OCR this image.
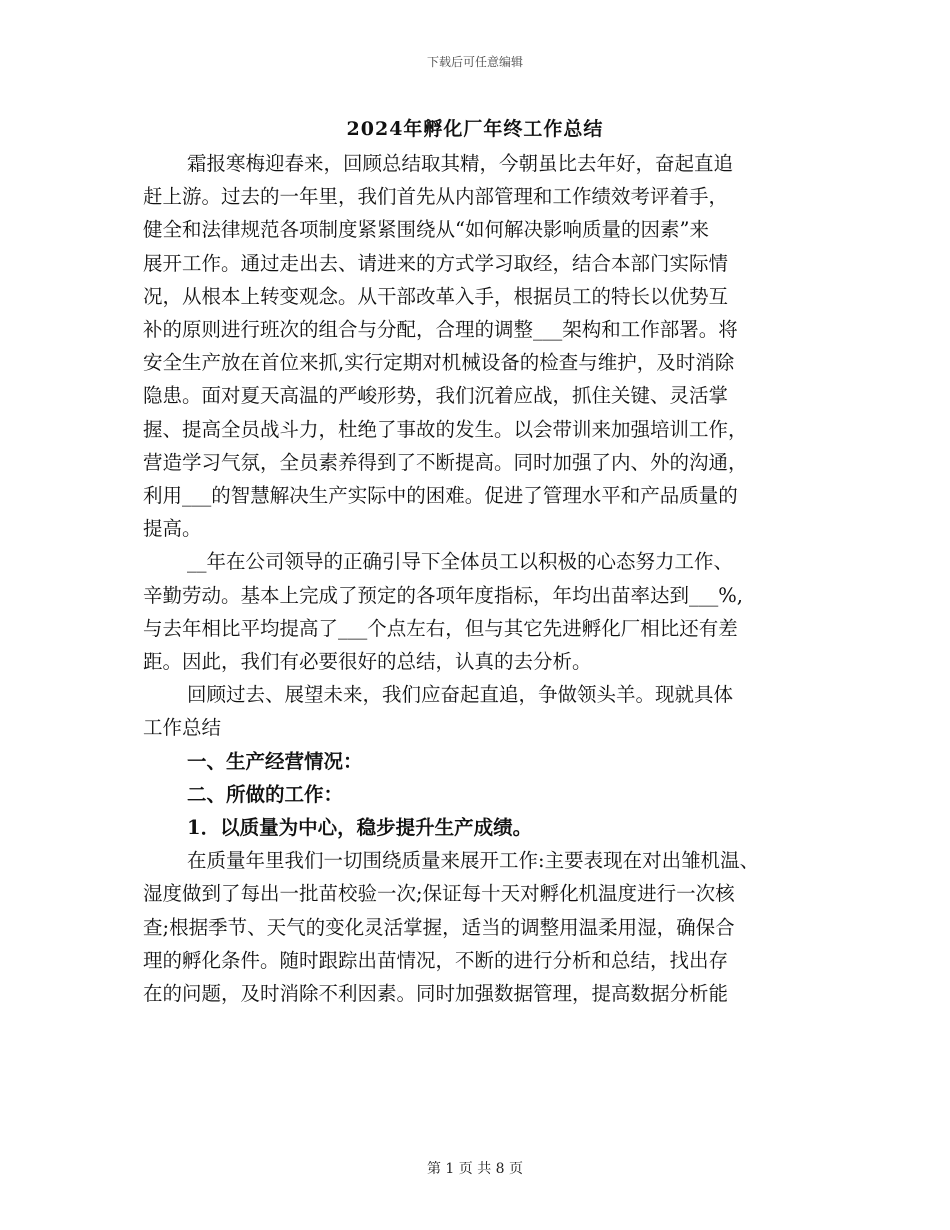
下载后可任意编辑
2024年孵化厂年终工作总结
霜报寒梅迎春来，回顾总结取其精，今朝虽比去年好，奋起直追
赶上游。过去的一年里，我们首先从内部管理和工作绩效考评着手，
健全和法律规范各项制度紧紧围绕从“如何解决影响质量的因素”来
展开工作。通过走出去、请进来的方式学习取经，结合本部门实际情
况，从根本上转变观念。从干部改革入手，根据员工的特长以优势互
补的原则进行班次的组合与分配，合理的调整___架构和工作部署。将
安全生产放在首位来抓,实行定期对机械设备的检查与维护，及时消除
隐患。面对夏天高温的严峻形势，我们沉着应战，抓住关键、灵活掌
握、提高全员战斗力，杜绝了事故的发生。以会带训来加强培训工作，
营造学习气氛，全员素养得到了不断提高。同时加强了内、外的沟通，
利用___的智慧解决生产实际中的困难。促进了管理水平和产品质量的
提高。
__年在公司领导的正确引导下全体员工以积极的心态努力工作、
辛勤劳动。基本上完成了预定的各项年度指标，年均出苗率达到___%,
与去年相比平均提高了___个点左右，但与其它先进孵化厂相比还有差
距。因此，我们有必要很好的总结，认真的去分析。
回顾过去、展望未来，我们应奋起直追，争做领头羊。现就具体
工作总结
一、生产经营情况：
二、所做的工作：
1．以质量为中心，稳步提升生产成绩。
在质量年里我们一切围绕质量来展开工作:主要表现在对出雏机温、
湿度做到了每出一批苗校验一次;保证每十天对孵化机温度进行一次核
查;根据季节、天气的变化灵活掌握，适当的调整用温柔用湿，确保合
理的孵化条件。随时跟踪出苗情况，不断的进行分析和总结，找出存
在的问题，及时消除不利因素。同时加强数据管理，提高数据分析能
第 1 页 共 8 页
